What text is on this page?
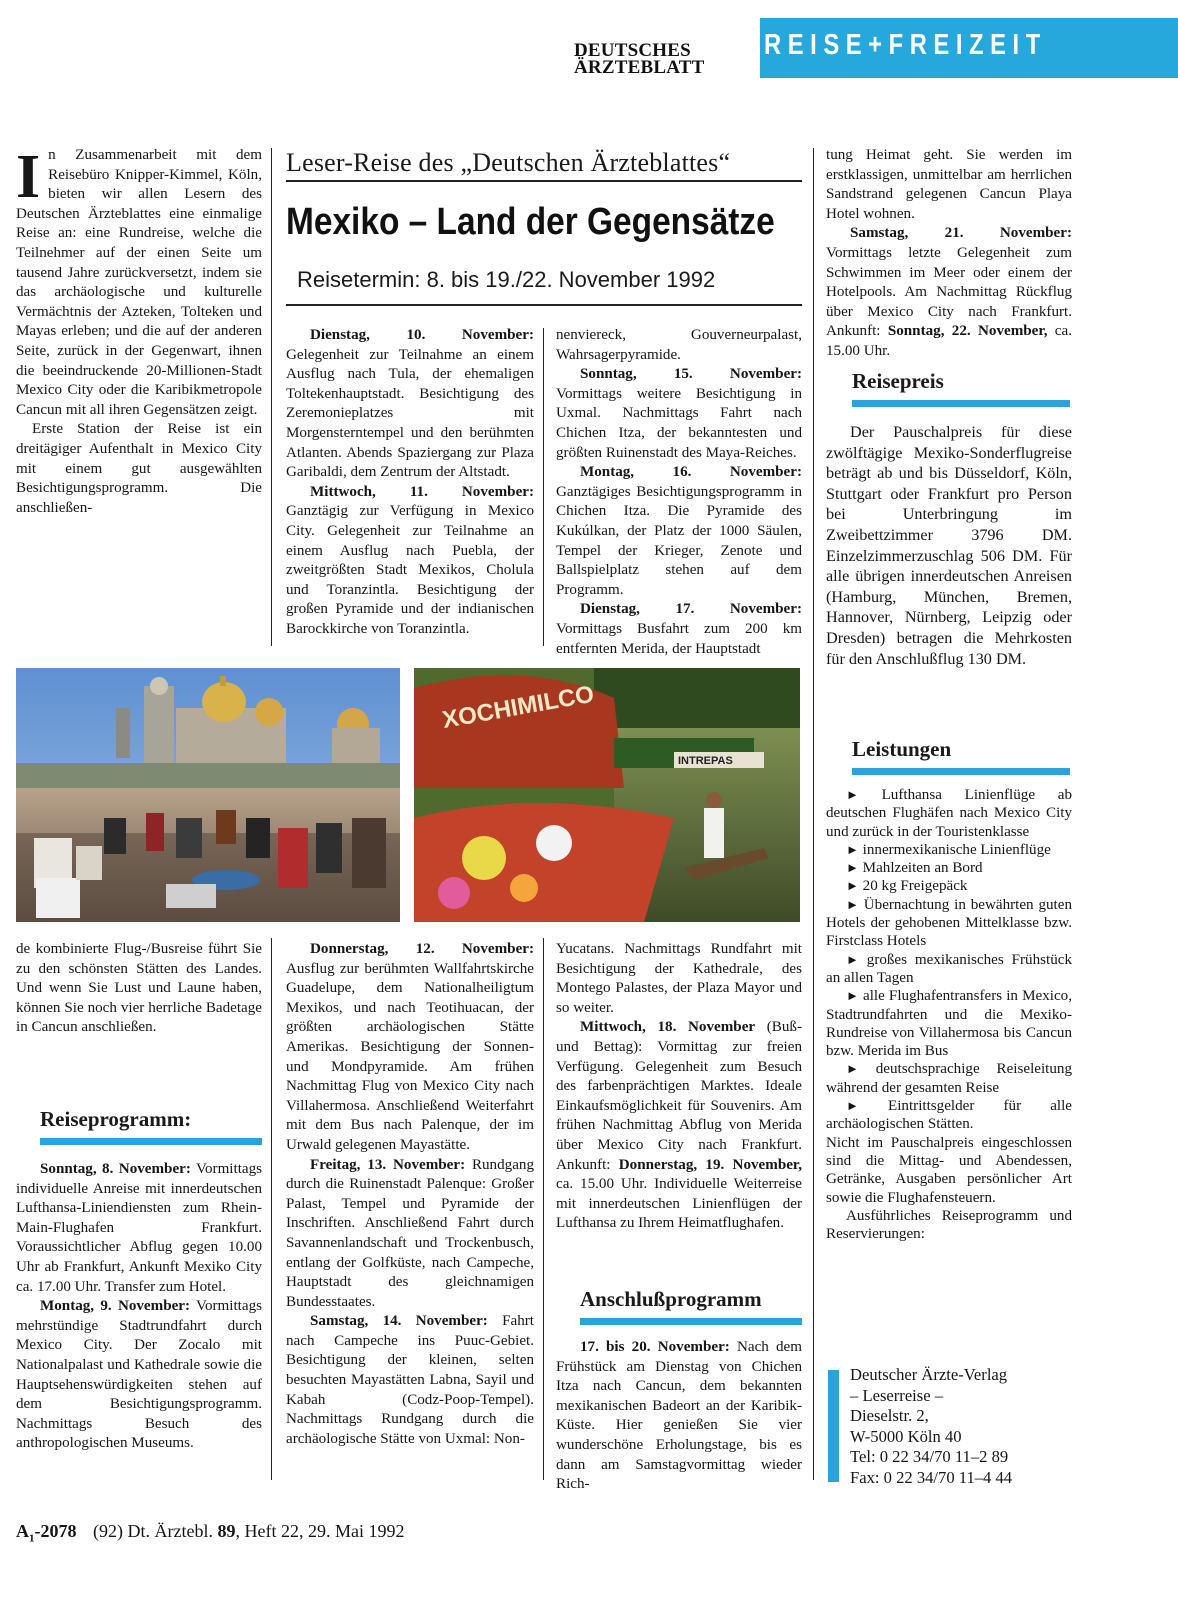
DEUTSCHES
ÄRZTEBLATT
REISE+FREIZEIT

In Zusammenarbeit mit dem Reisebüro Knipper-Kimmel, Köln, bieten wir allen Lesern des Deutschen Ärzteblattes eine einmalige Reise an: eine Rundreise, welche die Teilnehmer auf der einen Seite um tausend Jahre zurückversetzt, indem sie das archäologische und kulturelle Vermächtnis der Azteken, Tolteken und Mayas erleben; und die auf der anderen Seite, zurück in der Gegenwart, ihnen die beeindruckende 20-Millionen-Stadt Mexico City oder die Karibikmetropole Cancun mit all ihren Gegensätzen zeigt.

Erste Station der Reise ist ein dreitägiger Aufenthalt in Mexico City mit einem gut ausgewählten Besichtigungsprogramm. Die anschließen-

Leser-Reise des „Deutschen Ärzteblattes“
Mexiko – Land der Gegensätze
Reisetermin: 8. bis 19./22. November 1992

Dienstag, 10. November: Gelegenheit zur Teilnahme an einem Ausflug nach Tula, der ehemaligen Toltekenhauptstadt. Besichtigung des Zeremonieplatzes mit Morgensterntempel und den berühmten Atlanten. Abends Spaziergang zur Plaza Garibaldi, dem Zentrum der Altstadt.

Mittwoch, 11. November: Ganztägig zur Verfügung in Mexico City. Gelegenheit zur Teilnahme an einem Ausflug nach Puebla, der zweitgrößten Stadt Mexikos, Cholula und Toranzintla. Besichtigung der großen Pyramide und der indianischen Barockkirche von Toranzintla.

nenviereck, Gouverneurpalast, Wahrsagerpyramide.

Sonntag, 15. November: Vormittags weitere Besichtigung in Uxmal. Nachmittags Fahrt nach Chichen Itza, der bekanntesten und größten Ruinenstadt des Maya-Reiches.

Montag, 16. November: Ganztägiges Besichtigungsprogramm in Chichen Itza. Die Pyramide des Kukúlkan, der Platz der 1000 Säulen, Tempel der Krieger, Zenote und Ballspielplatz stehen auf dem Programm.

Dienstag, 17. November: Vormittags Busfahrt zum 200 km entfernten Merida, der Hauptstadt

tung Heimat geht. Sie werden im erstklassigen, unmittelbar am herrlichen Sandstrand gelegenen Cancun Playa Hotel wohnen.

Samstag, 21. November: Vormittags letzte Gelegenheit zum Schwimmen im Meer oder einem der Hotelpools. Am Nachmittag Rückflug über Mexico City nach Frankfurt. Ankunft: Sonntag, 22. November, ca. 15.00 Uhr.

Reisepreis

Der Pauschalpreis für diese zwölftägige Mexiko-Sonderflugreise beträgt ab und bis Düsseldorf, Köln, Stuttgart oder Frankfurt pro Person bei Unterbringung im Zweibettzimmer 3796 DM. Einzelzimmerzuschlag 506 DM. Für alle übrigen innerdeutschen Anreisen (Hamburg, München, Bremen, Hannover, Nürnberg, Leipzig oder Dresden) betragen die Mehrkosten für den Anschlußflug 130 DM.

Leistungen

► Lufthansa Linienflüge ab deutschen Flughäfen nach Mexico City und zurück in der Touristenklasse

► innermexikanische Linienflüge

► Mahlzeiten an Bord

► 20 kg Freigepäck

► Übernachtung in bewährten guten Hotels der gehobenen Mittelklasse bzw. Firstclass Hotels

► großes mexikanisches Frühstück an allen Tagen

► alle Flughafentransfers in Mexico, Stadtrundfahrten und die Mexiko-Rundreise von Villahermosa bis Cancun bzw. Merida im Bus

► deutschsprachige Reiseleitung während der gesamten Reise

► Eintrittsgelder für alle archäologischen Stätten.

Nicht im Pauschalpreis eingeschlossen sind die Mittag- und Abendessen, Getränke, Ausgaben persönlicher Art sowie die Flughafensteuern.

Ausführliches Reiseprogramm und Reservierungen:

Deutscher Ärzte-Verlag
– Leserreise –
Dieselstr. 2,
W-5000 Köln 40
Tel: 0 22 34/70 11–2 89
Fax: 0 22 34/70 11–4 44
INTREPAS
XOCHIMILCO

de kombinierte Flug-/Busreise führt Sie zu den schönsten Stätten des Landes. Und wenn Sie Lust und Laune haben, können Sie noch vier herrliche Badetage in Cancun anschließen.

Reiseprogramm:

Sonntag, 8. November: Vormittags individuelle Anreise mit innerdeutschen Lufthansa-Liniendiensten zum Rhein-Main-Flughafen Frankfurt. Voraussichtlicher Abflug gegen 10.00 Uhr ab Frankfurt, Ankunft Mexiko City ca. 17.00 Uhr. Transfer zum Hotel.

Montag, 9. November: Vormittags mehrstündige Stadtrundfahrt durch Mexico City. Der Zocalo mit Nationalpalast und Kathedrale sowie die Hauptsehenswürdigkeiten stehen auf dem Besichtigungsprogramm. Nachmittags Besuch des anthropologischen Museums.

Donnerstag, 12. November: Ausflug zur berühmten Wallfahrtskirche Guadelupe, dem Nationalheiligtum Mexikos, und nach Teotihuacan, der größten archäologischen Stätte Amerikas. Besichtigung der Sonnen- und Mondpyramide. Am frühen Nachmittag Flug von Mexico City nach Villahermosa. Anschließend Weiterfahrt mit dem Bus nach Palenque, der im Urwald gelegenen Mayastätte.

Freitag, 13. November: Rundgang durch die Ruinenstadt Palenque: Großer Palast, Tempel und Pyramide der Inschriften. Anschließend Fahrt durch Savannenlandschaft und Trockenbusch, entlang der Golfküste, nach Campeche, Hauptstadt des gleichnamigen Bundesstaates.

Samstag, 14. November: Fahrt nach Campeche ins Puuc-Gebiet. Besichtigung der kleinen, selten besuchten Mayastätten Labna, Sayil und Kabah (Codz-Poop-Tempel). Nachmittags Rundgang durch die archäologische Stätte von Uxmal: Non-

Yucatans. Nachmittags Rundfahrt mit Besichtigung der Kathedrale, des Montego Palastes, der Plaza Mayor und so weiter.

Mittwoch, 18. November (Buß- und Bettag): Vormittag zur freien Verfügung. Gelegenheit zum Besuch des farbenprächtigen Marktes. Ideale Einkaufsmöglichkeit für Souvenirs. Am frühen Nachmittag Abflug von Merida über Mexico City nach Frankfurt. Ankunft: Donnerstag, 19. November, ca. 15.00 Uhr. Individuelle Weiterreise mit innerdeutschen Linienflügen der Lufthansa zu Ihrem Heimatflughafen.

Anschlußprogramm

17. bis 20. November: Nach dem Frühstück am Dienstag von Chichen Itza nach Cancun, dem bekannten mexikanischen Badeort an der Karibik-Küste. Hier genießen Sie vier wunderschöne Erholungstage, bis es dann am Samstagvormittag wieder Rich-

$A_1-2078$ (92) Dt. Ärztebl. 89, Heft 22, 29. Mai 1992
